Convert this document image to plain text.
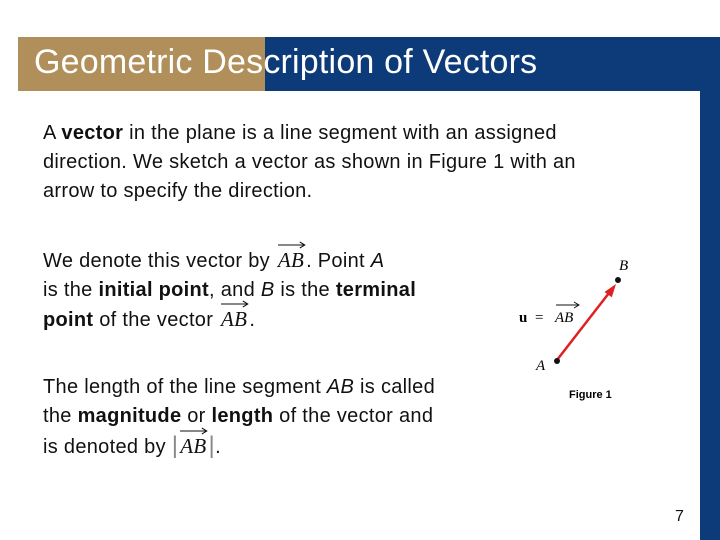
Geometric Description of Vectors
A vector in the plane is a line segment with an assigned
direction. We sketch a vector as shown in Figure 1 with an
arrow to specify the direction.
We denote this vector by
AB . Point A
is the initial point, and B is the terminal
point of the vector
AB .
The length of the line segment AB is called
the magnitude or length of the vector and
is denoted by |
AB|.
B
A
u = AB
Figure 1
7
